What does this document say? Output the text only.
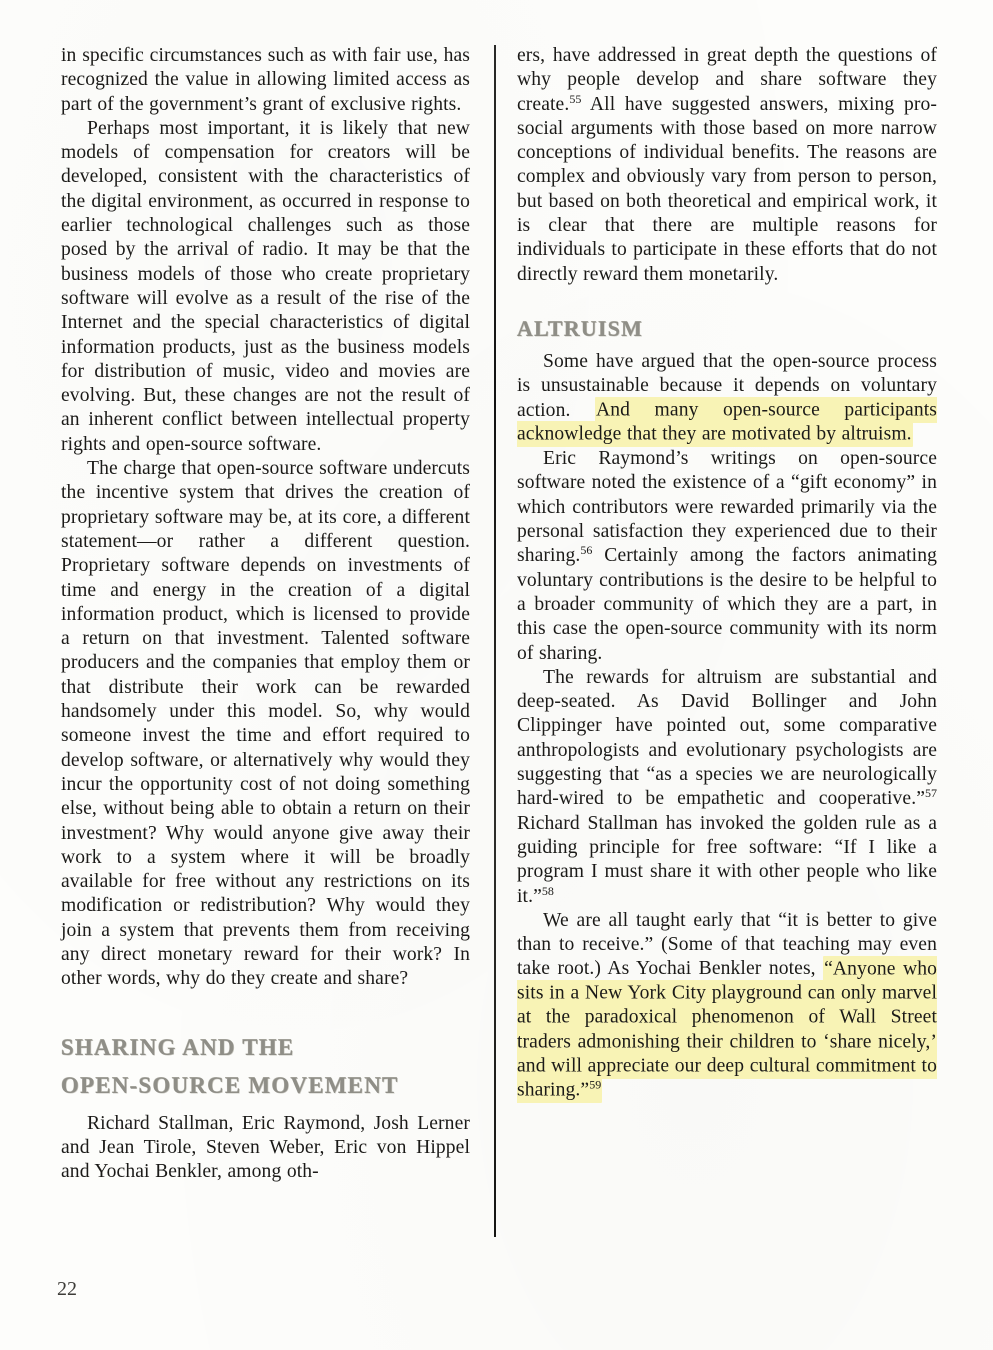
in specific circumstances such as with fair use, has recognized the value in allowing limited access as part of the government’s grant of exclusive rights.

Perhaps most important, it is likely that new models of compensation for creators will be developed, consistent with the characteristics of the digital environment, as occurred in response to earlier technological challenges such as those posed by the arrival of radio. It may be that the business models of those who create proprietary software will evolve as a result of the rise of the Internet and the special characteristics of digital information products, just as the business models for distribution of music, video and movies are evolving. But, these changes are not the result of an inherent conflict between intellectual property rights and open-source software.

The charge that open-source software undercuts the incentive system that drives the creation of proprietary software may be, at its core, a different statement—or rather a different question. Proprietary software depends on investments of time and energy in the creation of a digital information product, which is licensed to provide a return on that investment. Talented software producers and the companies that employ them or that distribute their work can be rewarded handsomely under this model. So, why would someone invest the time and effort required to develop software, or alternatively why would they incur the opportunity cost of not doing something else, without being able to obtain a return on their investment? Why would anyone give away their work to a system where it will be broadly available for free without any restrictions on its modification or redistribution? Why would they join a system that prevents them from receiving any direct monetary reward for their work? In other words, why do they create and share?

SHARING AND THE
OPEN-SOURCE MOVEMENT

Richard Stallman, Eric Raymond, Josh Lerner and Jean Tirole, Steven Weber, Eric von Hippel and Yochai Benkler, among oth-

ers, have addressed in great depth the questions of why people develop and share software they create.$^{55}$ All have suggested answers, mixing pro-social arguments with those based on more narrow conceptions of individual benefits. The reasons are complex and obviously vary from person to person, but based on both theoretical and empirical work, it is clear that there are multiple reasons for individuals to participate in these efforts that do not directly reward them monetarily.

ALTRUISM

Some have argued that the open-source process is unsustainable because it depends on voluntary action. And many open-source participants acknowledge that they are motivated by altruism.

Eric Raymond’s writings on open-source software noted the existence of a “gift economy” in which contributors were rewarded primarily via the personal satisfaction they experienced due to their sharing.$^{56}$ Certainly among the factors animating voluntary contributions is the desire to be helpful to a broader community of which they are a part, in this case the open-source community with its norm of sharing.

The rewards for altruism are substantial and deep-seated. As David Bollinger and John Clippinger have pointed out, some comparative anthropologists and evolutionary psychologists are suggesting that “as a species we are neurologically hard-wired to be empathetic and cooperative.”$^{57}$ Richard Stallman has invoked the golden rule as a guiding principle for free software: “If I like a program I must share it with other people who like it.”$^{58}$

We are all taught early that “it is better to give than to receive.” (Some of that teaching may even take root.) As Yochai Benkler notes, “Anyone who sits in a New York City playground can only marvel at the paradoxical phenomenon of Wall Street traders admonishing their children to ‘share nicely,’ and will appreciate our deep cultural commitment to sharing.”$^{59}$

22
